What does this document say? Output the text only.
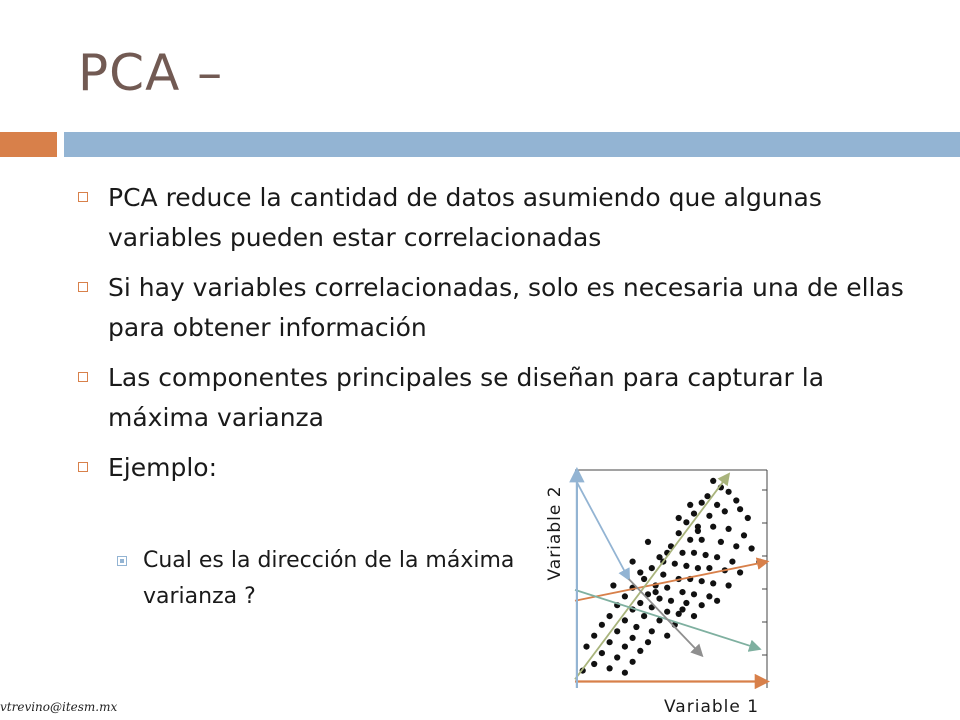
PCA –
PCA reduce la cantidad de datos asumiendo que algunas variables pueden estar correlacionadas
Si hay variables correlacionadas, solo es necesaria una de ellas para obtener información
Las componentes principales se diseñan para capturar la máxima varianza
Ejemplo:
Cual es la dirección de la máxima varianza ?
Variable 2
Variable 1
vtrevino@itesm.mx
